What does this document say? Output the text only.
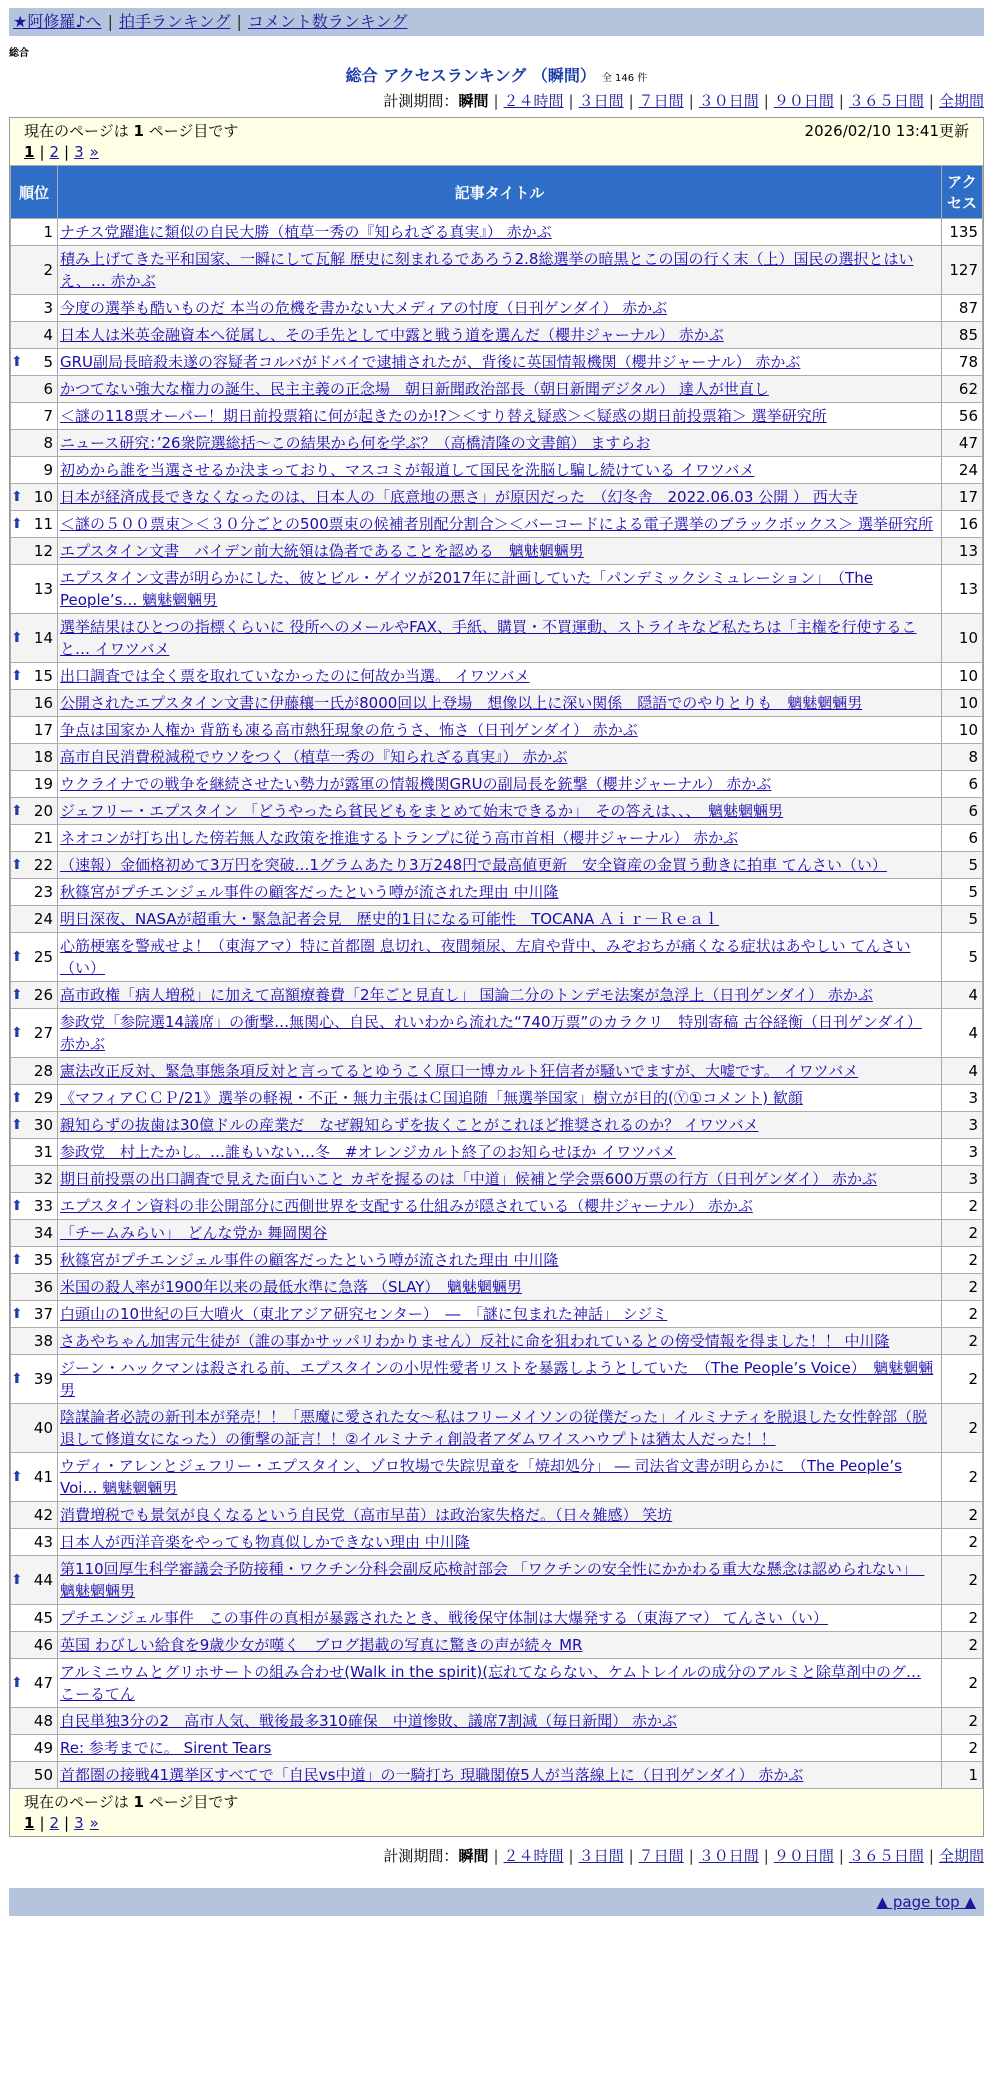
★阿修羅♪へ | 拍手ランキング | コメント数ランキング
総合
総合 アクセスランキング （瞬間） 全 146 件
計測期間：瞬間 | ２４時間 | ３日間 | ７日間 | ３０日間 | ９０日間 | ３６５日間 | 全期間
現在のページは 1 ページ目です	2026/02/10 13:41更新
1 | 2 | 3 »
順位	記事タイトル	アクセス
1	ナチス党躍進に類似の自民大勝（植草一秀の『知られざる真実』） 赤かぶ	135
2	積み上げてきた平和国家、一瞬にして瓦解 歴史に刻まれるであろう2.8総選挙の暗黒とこの国の行く末（上）国民の選択とはいえ、… 赤かぶ	127
3	今度の選挙も酷いものだ 本当の危機を書かない大メディアの忖度（日刊ゲンダイ） 赤かぶ	87
4	日本人は米英金融資本へ従属し、その手先として中露と戦う道を選んだ（櫻井ジャーナル） 赤かぶ	85

⬆ 5	GRU副局長暗殺未遂の容疑者コルバがドバイで逮捕されたが、背後に英国情報機関（櫻井ジャーナル） 赤かぶ	78
6	かつてない強大な権力の誕生、民主主義の正念場　朝日新聞政治部長（朝日新聞デジタル） 達人が世直し	62
7	＜謎の118票オーバー！期日前投票箱に何が起きたのか!?＞＜すり替え疑惑＞＜疑惑の期日前投票箱＞ 選挙研究所	56
8	ニュース研究：’26衆院選総括～この結果から何を学ぶ？（高橋清隆の文書館） ますらお	47
9	初めから誰を当選させるか決まっており、マスコミが報道して国民を洗脳し騙し続けている イワツバメ	24

⬆ 10	日本が経済成長できなくなったのは、日本人の「底意地の悪さ」が原因だった　（幻冬舎　2022.06.03 公開 ） 西大寺	17

⬆ 11	＜謎の５００票束＞＜３０分ごとの500票束の候補者別配分割合＞＜バーコードによる電子選挙のブラックボックス＞ 選挙研究所	16
12	エプスタイン文書　バイデン前大統領は偽者であることを認める　魑魅魍魎男	13
13	エプスタイン文書が明らかにした、彼とビル・ゲイツが2017年に計画していた「パンデミックシミュレーション」　（The People’s… 魑魅魍魎男	13

⬆ 14	選挙結果はひとつの指標くらいに 役所へのメールやFAX、手紙、購買・不買運動、ストライキなど私たちは「主権を行使すること… イワツバメ	10

⬆ 15	出口調査では全く票を取れていなかったのに何故か当選。 イワツバメ	10
16	公開されたエプスタイン文書に伊藤穰一氏が8000回以上登場　想像以上に深い関係　隠語でのやりとりも　魑魅魍魎男	10
17	争点は国家か人権か 背筋も凍る高市熱狂現象の危うさ、怖さ（日刊ゲンダイ） 赤かぶ	10
18	高市自民消費税減税でウソをつく（植草一秀の『知られざる真実』） 赤かぶ	8
19	ウクライナでの戦争を継続させたい勢力が露軍の情報機関GRUの副局長を銃撃（櫻井ジャーナル） 赤かぶ	6

⬆ 20	ジェフリー・エプスタイン 「どうやったら貧民どもをまとめて始末できるか」　その答えは、、、　魑魅魍魎男	6
21	ネオコンが打ち出した傍若無人な政策を推進するトランプに従う高市首相（櫻井ジャーナル） 赤かぶ	6

⬆ 22	（速報）金価格初めて3万円を突破…1グラムあたり3万248円で最高値更新　安全資産の金買う動きに拍車 てんさい（い）	5
23	秋篠宮がプチエンジェル事件の顧客だったという噂が流された理由 中川隆	5
24	明日深夜、NASAが超重大・緊急記者会見　歴史的1日になる可能性　TOCANA Ａｉｒ－Ｒｅａｌ	5

⬆ 25	心筋梗塞を警戒せよ！（東海アマ）特に首都圏 息切れ、夜間頻尿、左肩や背中、みぞおちが痛くなる症状はあやしい てんさい（い）	5

⬆ 26	高市政権「病人増税」に加えて高額療養費「2年ごと見直し」 国論二分のトンデモ法案が急浮上（日刊ゲンダイ） 赤かぶ	4

⬆ 27	参政党「参院選14議席」の衝撃…無関心、自民、れいわから流れた“740万票”のカラクリ　特別寄稿 古谷経衡（日刊ゲンダイ） 赤かぶ	4
28	憲法改正反対、緊急事態条項反対と言ってるとゆうこく原口一博カルト狂信者が騒いでますが、大嘘です。 イワツバメ	4

⬆ 29	《マフィアＣＣＰ/21》選挙の軽視・不正・無力主張はＣ国追随「無選挙国家」樹立が目的(Ⓨ①コメント) 歓顔	3

⬆ 30	親知らずの抜歯は30億ドルの産業だ　なぜ親知らずを抜くことがこれほど推奨されるのか？ イワツバメ	3
31	参政党　村上たかし。…誰もいない…冬　#オレンジカルト終了のお知らせほか イワツバメ	3
32	期日前投票の出口調査で見えた面白いこと カギを握るのは「中道」候補と学会票600万票の行方（日刊ゲンダイ） 赤かぶ	3

⬆ 33	エプスタイン資料の非公開部分に西側世界を支配する仕組みが隠されている（櫻井ジャーナル） 赤かぶ	2
34	「チームみらい」　どんな党か 舞岡関谷	2

⬆ 35	秋篠宮がプチエンジェル事件の顧客だったという噂が流された理由 中川隆	2
36	米国の殺人率が1900年以来の最低水準に急落 （SLAY）　魑魅魍魎男	2

⬆ 37	白頭山の10世紀の巨大噴火（東北アジア研究センター）　―　「謎に包まれた神話」 シジミ	2
38	さあやちゃん加害元生徒が（誰の事かサッパリわかりません）反社に命を狙われているとの傍受情報を得ました！！ 中川隆	2

⬆ 39	ジーン・ハックマンは殺される前、エプスタインの小児性愛者リストを暴露しようとしていた　（The People’s Voice）　魑魅魍魎男	2
40	陰謀論者必読の新刊本が発売！！「悪魔に愛された女～私はフリーメイソンの従僕だった」イルミナティを脱退した女性幹部（脱退して修道女になった）の衝撃の証言！！②イルミナティ創設者アダムワイスハウプトは猶太人だった！！	2

⬆ 41	ウディ・アレンとジェフリー・エプスタイン、ゾロ牧場で失踪児童を「焼却処分」 ― 司法省文書が明らかに　（The People’s Voi… 魑魅魍魎男	2
42	消費増税でも景気が良くなるという自民党（高市早苗）は政治家失格だ。（日々雑感） 笑坊	2
43	日本人が西洋音楽をやっても物真似しかできない理由 中川隆	2

⬆ 44	第110回厚生科学審議会予防接種・ワクチン分科会副反応検討部会 「ワクチンの安全性にかかわる重大な懸念は認められない」　魑魅魍魎男	2
45	プチエンジェル事件　この事件の真相が暴露されたとき、戦後保守体制は大爆発する（東海アマ） てんさい（い）	2
46	英国 わびしい給食を9歳少女が嘆く　ブログ掲載の写真に驚きの声が続々 MR	2

⬆ 47	アルミニウムとグリホサートの組み合わせ(Walk in the spirit)(忘れてならない、ケムトレイルの成分のアルミと除草剤中のグ… こーるてん	2
48	自民単独3分の2　高市人気、戦後最多310確保　中道惨敗、議席7割減（毎日新聞） 赤かぶ	2
49	Re: 参考までに。 Sirent Tears	2
50	首都圏の接戦41選挙区すべてで「自民vs中道」の一騎打ち 現職閣僚5人が当落線上に（日刊ゲンダイ） 赤かぶ	1
現在のページは 1 ページ目です
1 | 2 | 3 »
計測期間：瞬間 | ２４時間 | ３日間 | ７日間 | ３０日間 | ９０日間 | ３６５日間 | 全期間
▲ page top ▲
